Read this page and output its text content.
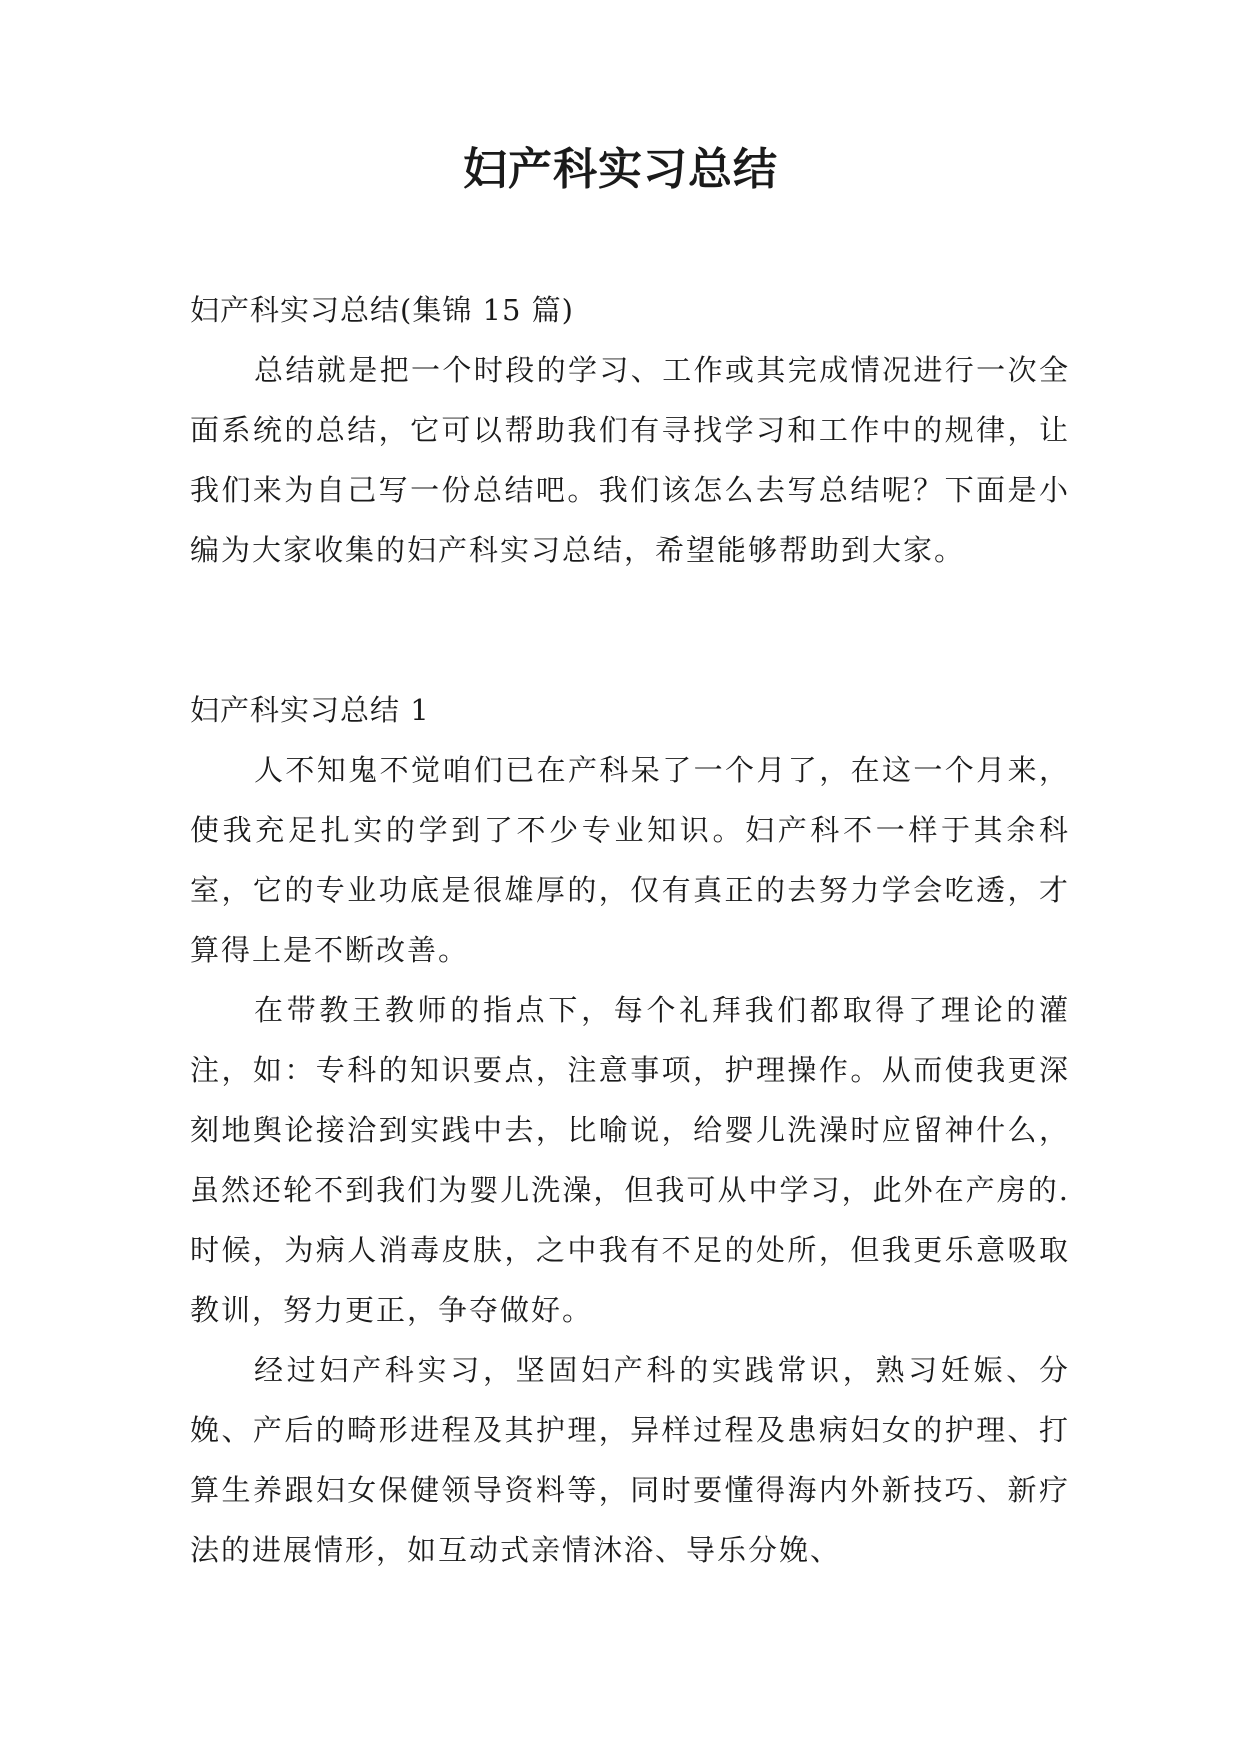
妇产科实习总结

妇产科实习总结(集锦 15 篇)

总结就是把一个时段的学习、工作或其完成情况进行一次全面系统的总结，它可以帮助我们有寻找学习和工作中的规律，让我们来为自己写一份总结吧。我们该怎么去写总结呢？下面是小编为大家收集的妇产科实习总结，希望能够帮助到大家。

妇产科实习总结 1

人不知鬼不觉咱们已在产科呆了一个月了，在这一个月来，使我充足扎实的学到了不少专业知识。妇产科不一样于其余科室，它的专业功底是很雄厚的，仅有真正的去努力学会吃透，才算得上是不断改善。

在带教王教师的指点下，每个礼拜我们都取得了理论的灌注，如：专科的知识要点，注意事项，护理操作。从而使我更深刻地舆论接洽到实践中去，比喻说，给婴儿洗澡时应留神什么，虽然还轮不到我们为婴儿洗澡，但我可从中学习，此外在产房的.时候，为病人消毒皮肤，之中我有不足的处所，但我更乐意吸取教训，努力更正，争夺做好。

经过妇产科实习，坚固妇产科的实践常识，熟习妊娠、分娩、产后的畸形进程及其护理，异样过程及患病妇女的护理、打算生养跟妇女保健领导资料等，同时要懂得海内外新技巧、新疗法的进展情形，如互动式亲情沐浴、导乐分娩、
